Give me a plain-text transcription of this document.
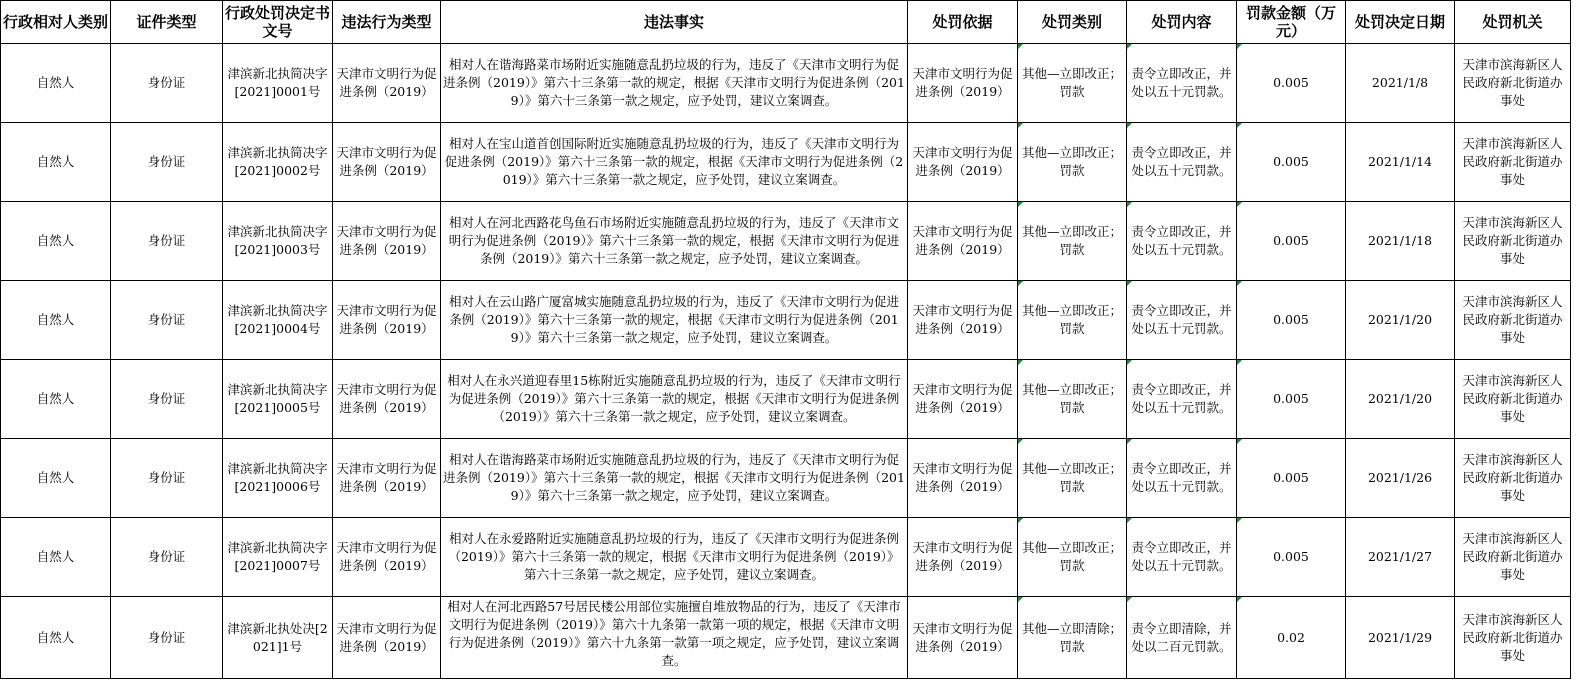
行政相对人类别	证件类型	行政处罚决定书文号	违法行为类型	违法事实	处罚依据	处罚类别	处罚内容	罚款金额（万元）	处罚决定日期	处罚机关
自然人	身份证	津滨新北执简决字[2021]0001号	天津市文明行为促进条例（2019）	相对人在谐海路菜市场附近实施随意乱扔垃圾的行为，违反了《天津市文明行为促进条例（2019）》第六十三条第一款的规定，根据《天津市文明行为促进条例（2019）》第六十三条第一款之规定，应予处罚，建议立案调查。	天津市文明行为促进条例（2019）	其他—立即改正；罚款	责令立即改正，并处以五十元罚款。	0.005	2021/1/8	天津市滨海新区人民政府新北街道办事处
自然人	身份证	津滨新北执简决字[2021]0002号	天津市文明行为促进条例（2019）	相对人在宝山道首创国际附近实施随意乱扔垃圾的行为，违反了《天津市文明行为促进条例（2019）》第六十三条第一款的规定，根据《天津市文明行为促进条例（2019）》第六十三条第一款之规定，应予处罚，建议立案调查。	天津市文明行为促进条例（2019）	其他—立即改正；罚款	责令立即改正，并处以五十元罚款。	0.005	2021/1/14	天津市滨海新区人民政府新北街道办事处
自然人	身份证	津滨新北执简决字[2021]0003号	天津市文明行为促进条例（2019）	相对人在河北西路花鸟鱼石市场附近实施随意乱扔垃圾的行为，违反了《天津市文明行为促进条例（2019）》第六十三条第一款的规定，根据《天津市文明行为促进条例（2019）》第六十三条第一款之规定，应予处罚，建议立案调查。	天津市文明行为促进条例（2019）	其他—立即改正；罚款	责令立即改正，并处以五十元罚款。	0.005	2021/1/18	天津市滨海新区人民政府新北街道办事处
自然人	身份证	津滨新北执简决字[2021]0004号	天津市文明行为促进条例（2019）	相对人在云山路广厦富城实施随意乱扔垃圾的行为，违反了《天津市文明行为促进条例（2019）》第六十三条第一款的规定，根据《天津市文明行为促进条例（2019）》第六十三条第一款之规定，应予处罚，建议立案调查。	天津市文明行为促进条例（2019）	其他—立即改正；罚款	责令立即改正，并处以五十元罚款。	0.005	2021/1/20	天津市滨海新区人民政府新北街道办事处
自然人	身份证	津滨新北执简决字[2021]0005号	天津市文明行为促进条例（2019）	相对人在永兴道迎春里15栋附近实施随意乱扔垃圾的行为，违反了《天津市文明行为促进条例（2019）》第六十三条第一款的规定，根据《天津市文明行为促进条例（2019）》第六十三条第一款之规定，应予处罚，建议立案调查。	天津市文明行为促进条例（2019）	其他—立即改正；罚款	责令立即改正，并处以五十元罚款。	0.005	2021/1/20	天津市滨海新区人民政府新北街道办事处
自然人	身份证	津滨新北执简决字[2021]0006号	天津市文明行为促进条例（2019）	相对人在谐海路菜市场附近实施随意乱扔垃圾的行为，违反了《天津市文明行为促进条例（2019）》第六十三条第一款的规定，根据《天津市文明行为促进条例（2019）》第六十三条第一款之规定，应予处罚，建议立案调查。	天津市文明行为促进条例（2019）	其他—立即改正；罚款	责令立即改正，并处以五十元罚款。	0.005	2021/1/26	天津市滨海新区人民政府新北街道办事处
自然人	身份证	津滨新北执简决字[2021]0007号	天津市文明行为促进条例（2019）	相对人在永爱路附近实施随意乱扔垃圾的行为，违反了《天津市文明行为促进条例（2019）》第六十三条第一款的规定，根据《天津市文明行为促进条例（2019）》第六十三条第一款之规定，应予处罚，建议立案调查。	天津市文明行为促进条例（2019）	其他—立即改正；罚款	责令立即改正，并处以五十元罚款。	0.005	2021/1/27	天津市滨海新区人民政府新北街道办事处
自然人	身份证	津滨新北执处决[2021]1号	天津市文明行为促进条例（2019）	相对人在河北西路57号居民楼公用部位实施擅自堆放物品的行为，违反了《天津市文明行为促进条例（2019）》第六十九条第一款第一项的规定，根据《天津市文明行为促进条例（2019）》第六十九条第一款第一项之规定，应予处罚，建议立案调查。	天津市文明行为促进条例（2019）	其他—立即清除；罚款	责令立即清除，并处以二百元罚款。	0.02	2021/1/29	天津市滨海新区人民政府新北街道办事处
